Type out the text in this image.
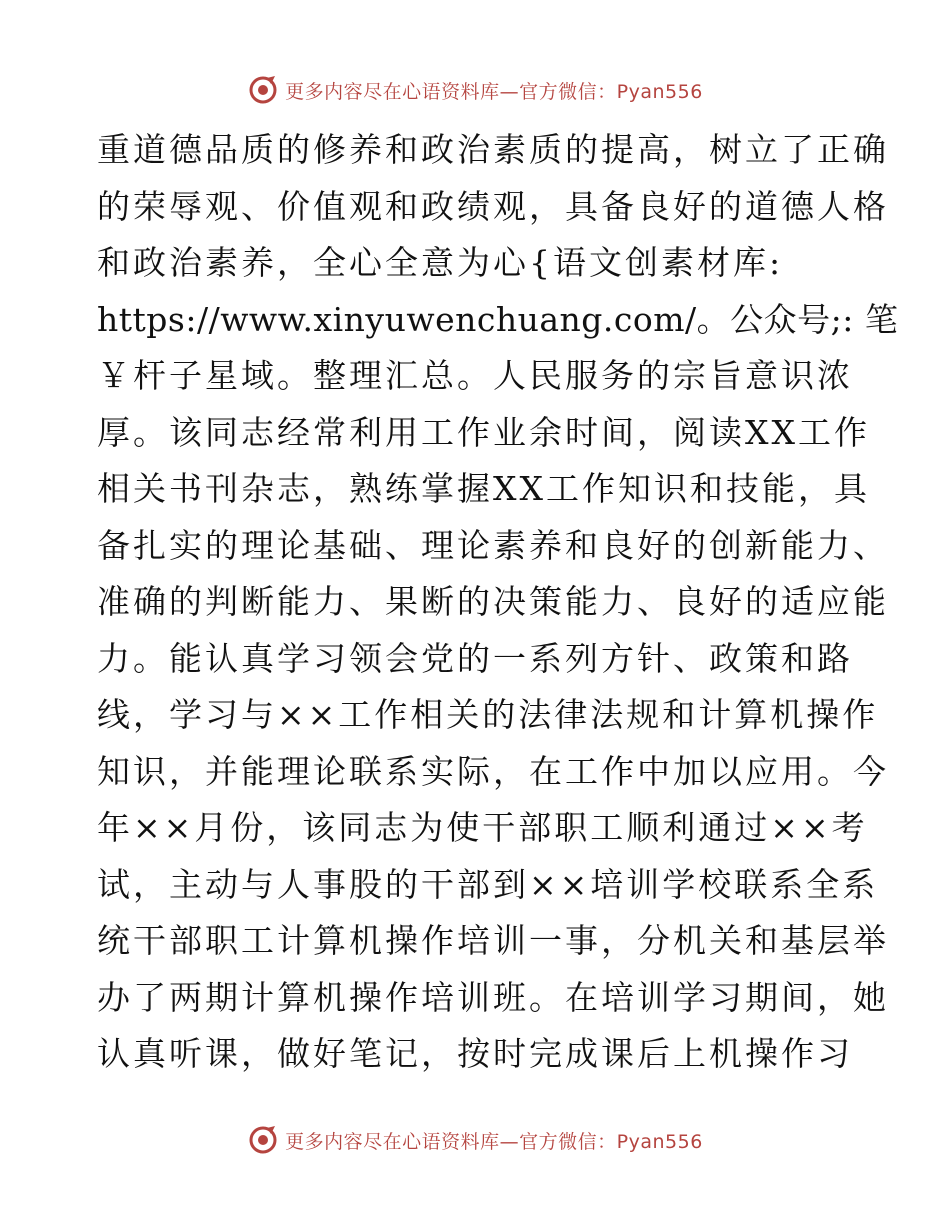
更多内容尽在心语资料库—官方微信：Pyan556
重道德品质的修养和政治素质的提高，树立了正确
的荣辱观、价值观和政绩观，具备良好的道德人格
和政治素养，全心全意为心{语文创素材库:
https://www.xinyuwenchuang.com/。公众号;: 笔
￥杆子星域。整理汇总。人民服务的宗旨意识浓
厚。该同志经常利用工作业余时间，阅读XX工作
相关书刊杂志，熟练掌握XX工作知识和技能，具
备扎实的理论基础、理论素养和良好的创新能力、
准确的判断能力、果断的决策能力、良好的适应能
力。能认真学习领会党的一系列方针、政策和路
线，学习与××工作相关的法律法规和计算机操作
知识，并能理论联系实际，在工作中加以应用。今
年××月份，该同志为使干部职工顺利通过××考
试，主动与人事股的干部到××培训学校联系全系
统干部职工计算机操作培训一事，分机关和基层举
办了两期计算机操作培训班。在培训学习期间，她
认真听课，做好笔记，按时完成课后上机操作习
更多内容尽在心语资料库—官方微信：Pyan556
